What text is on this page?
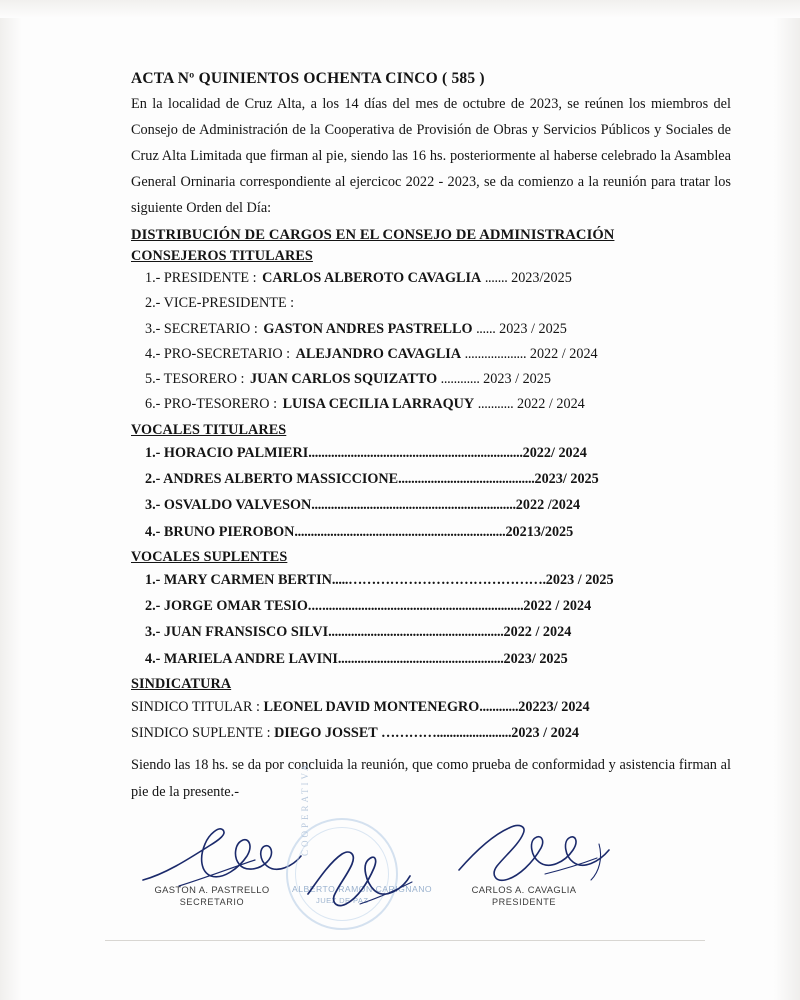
ACTA Nº QUINIENTOS OCHENTA CINCO ( 585 )

En la localidad de Cruz Alta, a los 14 días del mes de octubre de 2023, se reúnen los miembros del Consejo de Administración de la Cooperativa de Provisión de Obras y Servicios Públicos y Sociales de Cruz Alta Limitada que firman al pie, siendo las 16 hs. posteriormente al haberse celebrado la Asamblea General Orninaria correspondiente al ejercicoc 2022 - 2023, se da comienzo a la reunión para tratar los siguiente Orden del Día:

DISTRIBUCIÓN DE CARGOS EN EL CONSEJO DE ADMINISTRACIÓN
CONSEJEROS TITULARES
1.- PRESIDENTE : CARLOS ALBEROTO CAVAGLIA ....... 2023/2025
2.- VICE-PRESIDENTE :
3.- SECRETARIO : GASTON ANDRES PASTRELLO ...... 2023 / 2025
4.- PRO-SECRETARIO : ALEJANDRO CAVAGLIA ................... 2022 / 2024
5.- TESORERO : JUAN CARLOS SQUIZATTO ............ 2023 / 2025
6.- PRO-TESORERO : LUISA CECILIA LARRAQUY ........... 2022 / 2024
VOCALES TITULARES
1.- HORACIO PALMIERI..................................................................2022/ 2024
2.- ANDRES ALBERTO MASSICCIONE..........................................2023/ 2025
3.- OSVALDO VALVESON...............................................................2022 /2024
4.- BRUNO PIEROBON.................................................................20213/2025
VOCALES SUPLENTES
1.- MARY CARMEN BERTIN.....…………………………………….2023 / 2025
2.- JORGE OMAR TESIO..................................................................2022 / 2024
3.- JUAN FRANSISCO SILVI......................................................2022 / 2024
4.- MARIELA ANDRE LAVINI...................................................2023/ 2025
SINDICATURA
SINDICO TITULAR : LEONEL DAVID MONTENEGRO............20223/ 2024
SINDICO SUPLENTE : DIEGO JOSSET ………….......................2023 / 2024

Siendo las 18 hs. se da por concluida la reunión, que como prueba de conformidad y asistencia firman al pie de la presente.-

GASTON A. PASTRELLO
SECRETARIO
CARLOS A. CAVAGLIA
PRESIDENTE
COOPERATIVA
ALBERTO RAMON CARIGNANO
JUEZ DE PAZ
